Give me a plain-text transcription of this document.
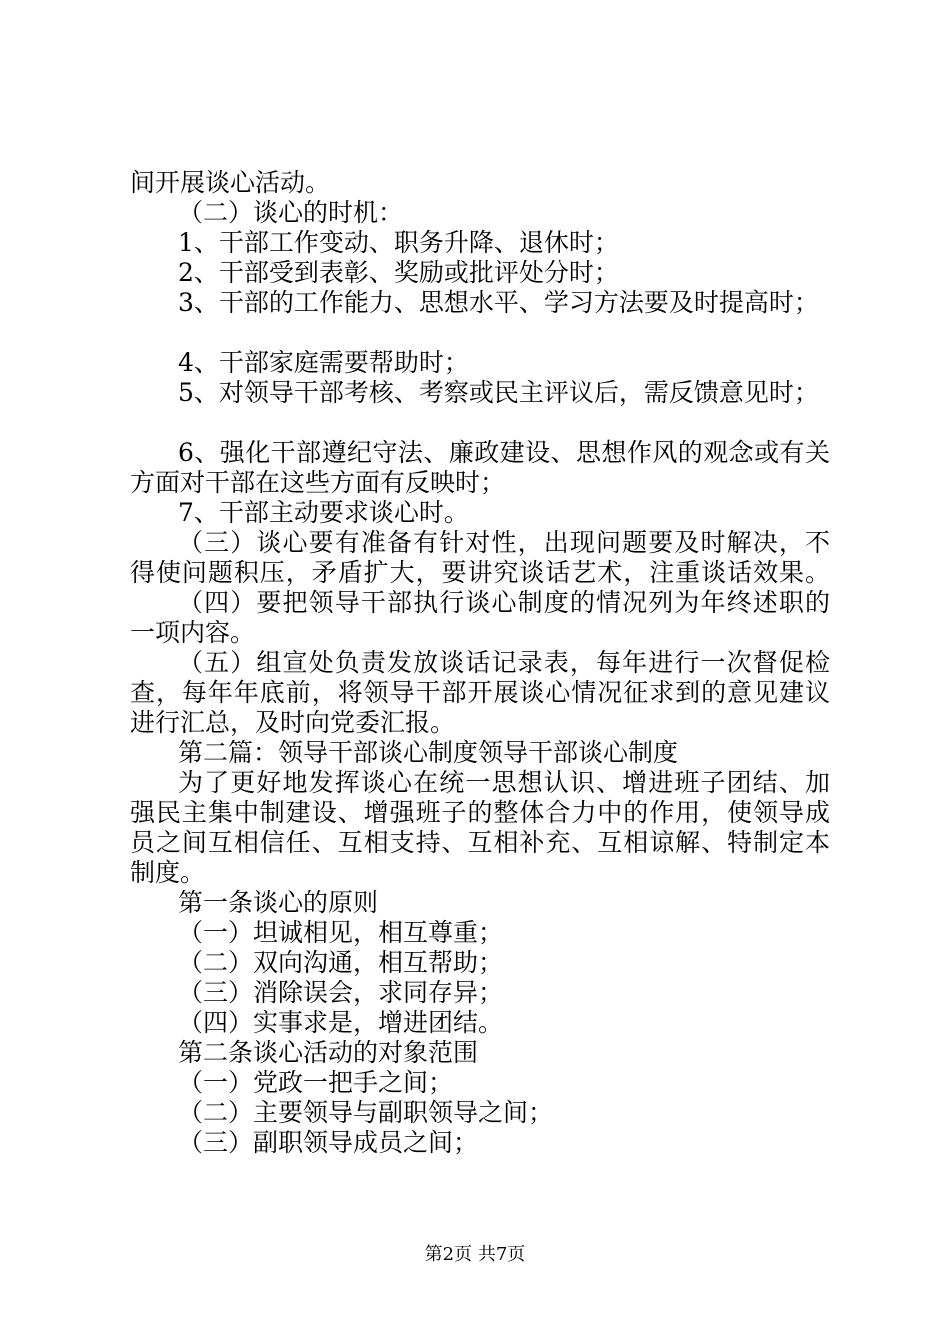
间开展谈心活动。
（二）谈心的时机：
1、干部工作变动、职务升降、退休时；
2、干部受到表彰、奖励或批评处分时；
3、干部的工作能力、思想水平、学习方法要及时提高时；
4、干部家庭需要帮助时；
5、对领导干部考核、考察或民主评议后，需反馈意见时；
6、强化干部遵纪守法、廉政建设、思想作风的观念或有关
方面对干部在这些方面有反映时；
7、干部主动要求谈心时。
（三）谈心要有准备有针对性，出现问题要及时解决，不
得使问题积压，矛盾扩大，要讲究谈话艺术，注重谈话效果。
（四）要把领导干部执行谈心制度的情况列为年终述职的
一项内容。
（五）组宣处负责发放谈话记录表，每年进行一次督促检
查，每年年底前，将领导干部开展谈心情况征求到的意见建议
进行汇总，及时向党委汇报。
第二篇：领导干部谈心制度领导干部谈心制度
为了更好地发挥谈心在统一思想认识、增进班子团结、加
强民主集中制建设、增强班子的整体合力中的作用，使领导成
员之间互相信任、互相支持、互相补充、互相谅解、特制定本
制度。
第一条谈心的原则
（一）坦诚相见，相互尊重；
（二）双向沟通，相互帮助；
（三）消除误会，求同存异；
（四）实事求是，增进团结。
第二条谈心活动的对象范围
（一）党政一把手之间；
（二）主要领导与副职领导之间；
（三）副职领导成员之间；
第2页 共7页
